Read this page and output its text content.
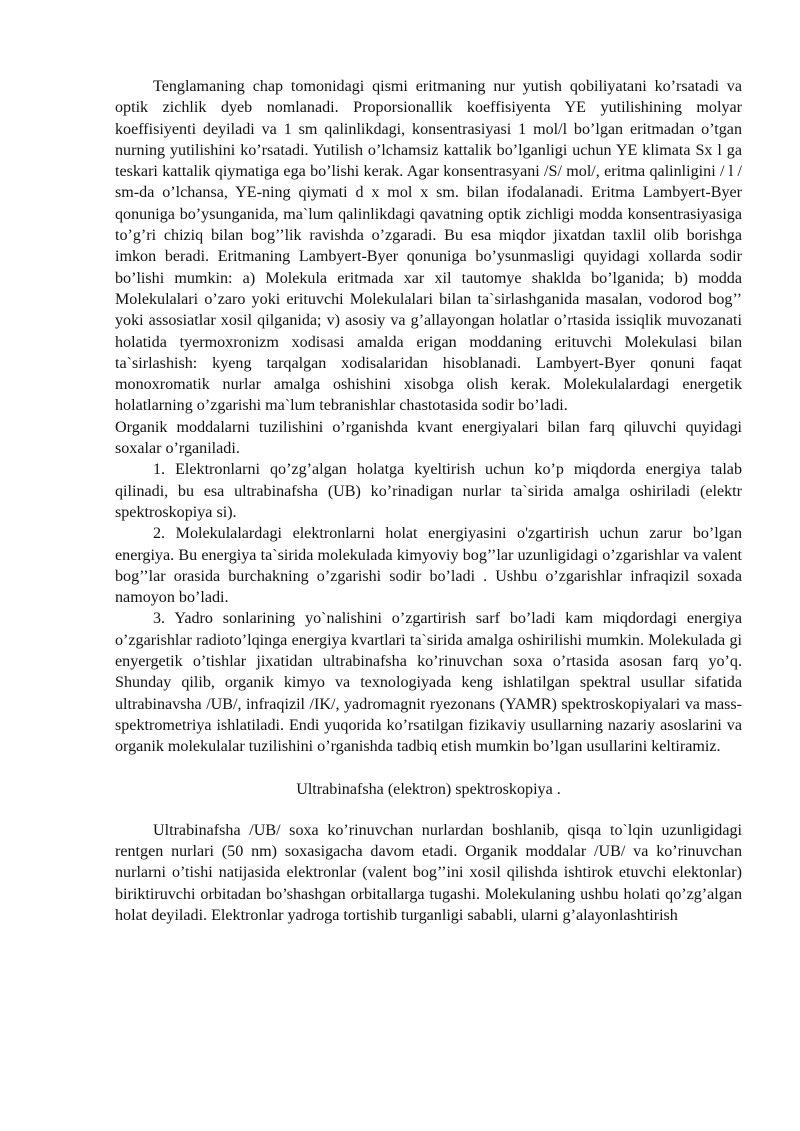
Tenglamaning chap tomonidagi qismi eritmaning nur yutish qobiliyatani ko’rsatadi va optik zichlik dyeb nomlanadi. Proporsionallik koeffisiyenta YE yutilishining molyar koeffisiyenti deyiladi va 1 sm qalinlikdagi, konsentrasiyasi 1 mol/l bo’lgan eritmadan o’tgan nurning yutilishini ko’rsatadi. Yutilish o’lchamsiz kattalik bo’lganligi uchun YE klimata Sx l ga teskari kattalik qiymatiga ega bo’lishi kerak. Agar konsentrasyani /S/ mol/, eritma qalinligini / l / sm-da o’lchansa, YE-ning qiymati d x mol x sm. bilan ifodalanadi. Eritma Lambyert-Byer qonuniga bo’ysunganida, ma`lum qalinlikdagi qavatning optik zichligi modda konsentrasiyasiga to’g’ri chiziq bilan bog’’lik ravishda o’zgaradi. Bu esa miqdor jixatdan taxlil olib borishga imkon beradi. Eritmaning Lambyert-Byer qonuniga bo’ysunmasligi quyidagi xollarda sodir bo’lishi mumkin: a) Molekula eritmada xar xil tautomye shaklda bo’lganida; b) modda Molekulalari o’zaro yoki erituvchi Molekulalari bilan ta`sirlashganida masalan, vodorod bog’’ yoki assosiatlar xosil qilganida; v) asosiy va g’allayongan holatlar o’rtasida issiqlik muvozanati holatida tyermoxronizm xodisasi amalda erigan moddaning erituvchi Molekulasi bilan ta`sirlashish: kyeng tarqalgan xodisalaridan hisoblanadi. Lambyert-Byer qonuni faqat monoxromatik nurlar amalga oshishini xisobga olish kerak. Molekulalardagi energetik holatlarning o’zgarishi ma`lum tebranishlar chastotasida sodir bo’ladi.

Organik moddalarni tuzilishini o’rganishda kvant energiyalari bilan farq qiluvchi quyidagi soxalar o’rganiladi.

1. Elektronlarni qo’zg’algan holatga kyeltirish uchun ko’p miqdorda energiya talab qilinadi, bu esa ultrabinafsha (UB) ko’rinadigan nurlar ta`sirida amalga oshiriladi (elektr spektroskopiya si).

2. Molekulalardagi elektronlarni holat energiyasini o'zgartirish uchun zarur bo’lgan energiya. Bu energiya ta`sirida molekulada kimyoviy bog’’lar uzunligidagi o’zgarishlar va valent bog’’lar orasida burchakning o’zgarishi sodir bo’ladi . Ushbu o’zgarishlar infraqizil soxada namoyon bo’ladi.

3. Yadro sonlarining yo`nalishini o’zgartirish sarf bo’ladi kam miqdordagi energiya o’zgarishlar radioto’lqinga energiya kvartlari ta`sirida amalga oshirilishi mumkin. Molekulada gi enyergetik o’tishlar jixatidan ultrabinafsha ko’rinuvchan soxa o’rtasida asosan farq yo’q. Shunday qilib, organik kimyo va texnologiyada keng ishlatilgan spektral usullar sifatida ultrabinavsha /UB/, infraqizil /IK/, yadromagnit ryezonans (YAMR) spektroskopiyalari va mass-spektrometriya ishlatiladi. Endi yuqorida ko’rsatilgan fizikaviy usullarning nazariy asoslarini va organik molekulalar tuzilishini o’rganishda tadbiq etish mumkin bo’lgan usullarini keltiramiz.

Ultrabinafsha (elektron) spektroskopiya .

Ultrabinafsha /UB/ soxa ko’rinuvchan nurlardan boshlanib, qisqa to`lqin uzunligidagi rentgen nurlari (50 nm) soxasigacha davom etadi. Organik moddalar /UB/ va ko’rinuvchan nurlarni o’tishi natijasida elektronlar (valent bog’’ini xosil qilishda ishtirok etuvchi elektonlar) biriktiruvchi orbitadan bo’shashgan orbitallarga tugashi. Molekulaning ushbu holati qo’zg’algan holat deyiladi. Elektronlar yadroga tortishib turganligi sababli, ularni g’alayonlashtirish
